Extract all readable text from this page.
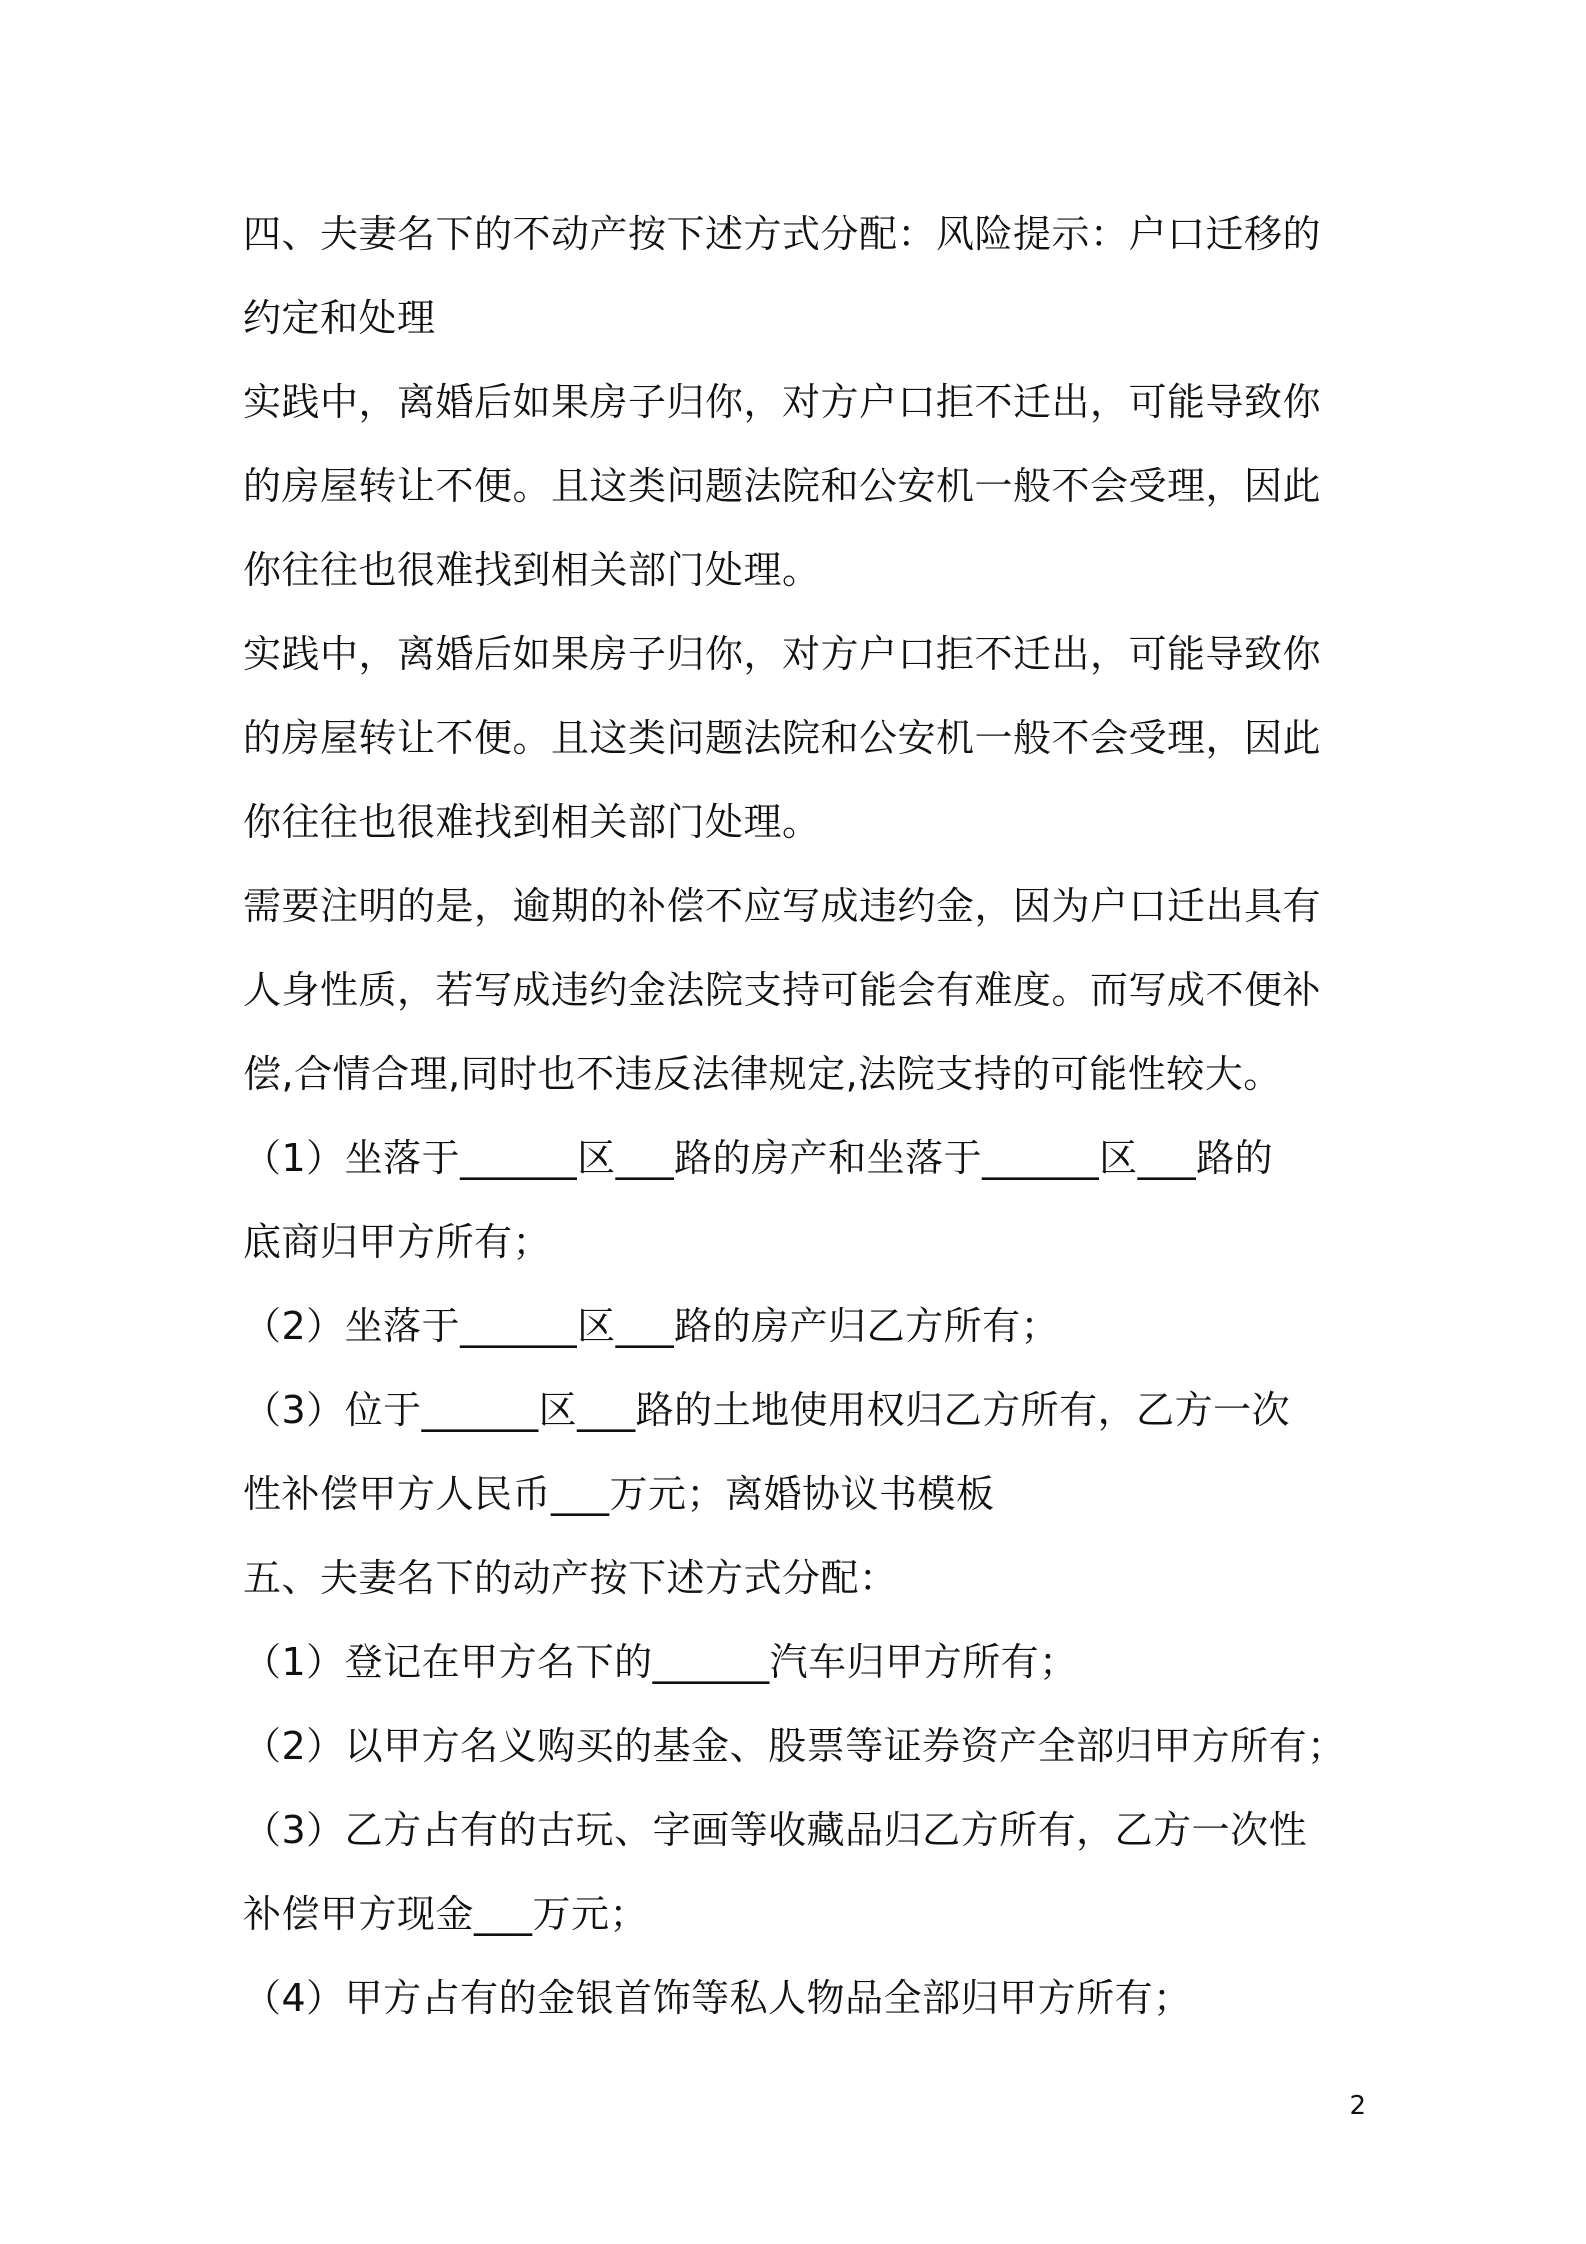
四、夫妻名下的不动产按下述方式分配：风险提示：户口迁移的
约定和处理
实践中，离婚后如果房子归你，对方户口拒不迁出，可能导致你
的房屋转让不便。且这类问题法院和公安机一般不会受理，因此
你往往也很难找到相关部门处理。
实践中，离婚后如果房子归你，对方户口拒不迁出，可能导致你
的房屋转让不便。且这类问题法院和公安机一般不会受理，因此
你往往也很难找到相关部门处理。
需要注明的是，逾期的补偿不应写成违约金，因为户口迁出具有
人身性质，若写成违约金法院支持可能会有难度。而写成不便补
偿,合情合理,同时也不违反法律规定,法院支持的可能性较大。
（1）坐落于______区___路的房产和坐落于______区___路的
底商归甲方所有；
（2）坐落于______区___路的房产归乙方所有；
（3）位于______区___路的土地使用权归乙方所有，乙方一次
性补偿甲方人民币___万元；离婚协议书模板
五、夫妻名下的动产按下述方式分配：
（1）登记在甲方名下的______汽车归甲方所有；
（2）以甲方名义购买的基金、股票等证券资产全部归甲方所有；
（3）乙方占有的古玩、字画等收藏品归乙方所有，乙方一次性
补偿甲方现金___万元；
（4）甲方占有的金银首饰等私人物品全部归甲方所有；
2
